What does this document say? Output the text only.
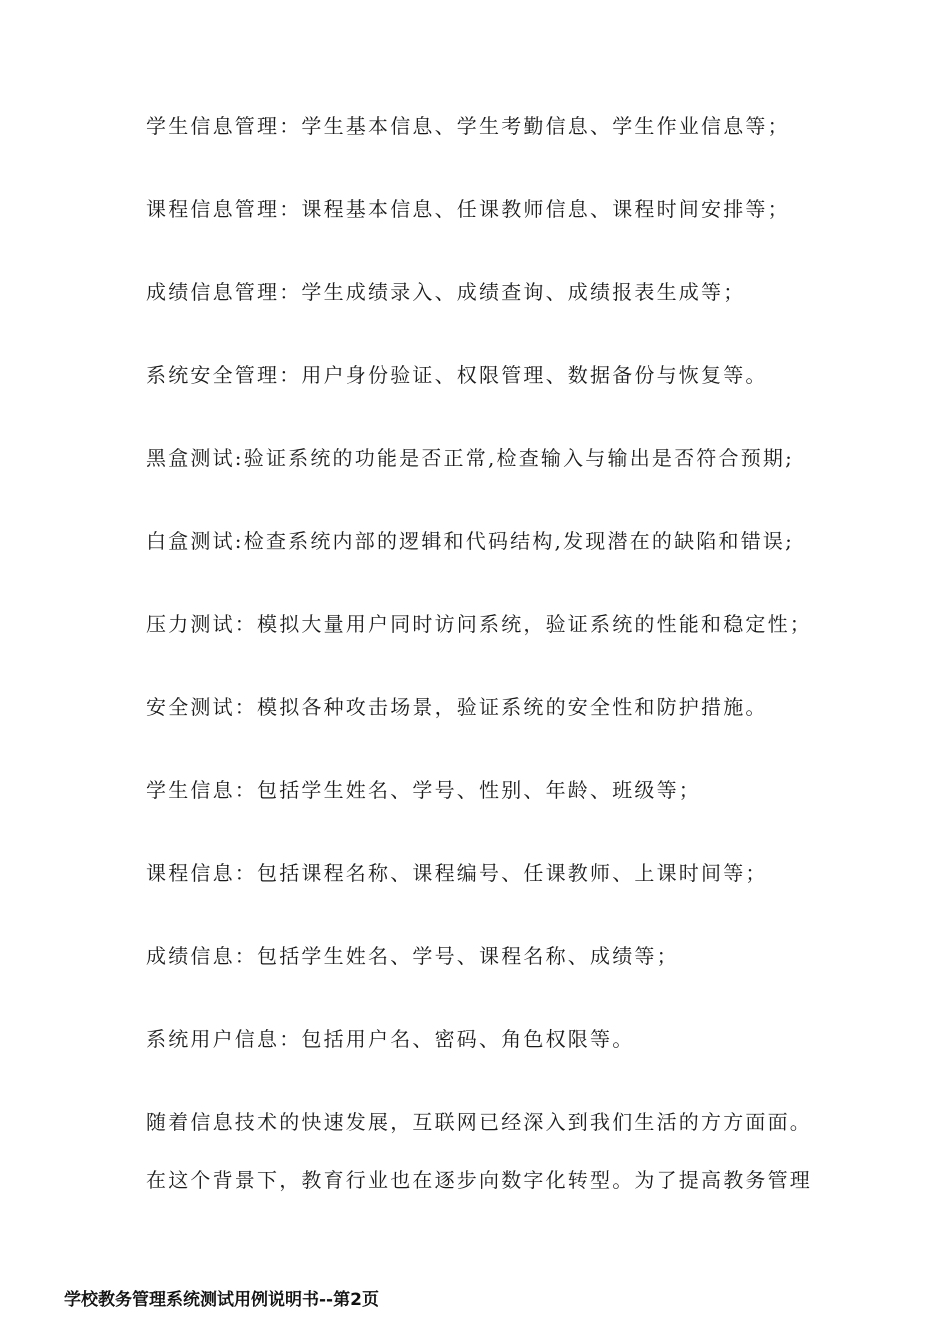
学生信息管理：学生基本信息、学生考勤信息、学生作业信息等；
课程信息管理：课程基本信息、任课教师信息、课程时间安排等；
成绩信息管理：学生成绩录入、成绩查询、成绩报表生成等；
系统安全管理：用户身份验证、权限管理、数据备份与恢复等。
黑盒测试:验证系统的功能是否正常,检查输入与输出是否符合预期;
白盒测试:检查系统内部的逻辑和代码结构,发现潜在的缺陷和错误;
压力测试：模拟大量用户同时访问系统，验证系统的性能和稳定性；
安全测试：模拟各种攻击场景，验证系统的安全性和防护措施。
学生信息：包括学生姓名、学号、性别、年龄、班级等；
课程信息：包括课程名称、课程编号、任课教师、上课时间等；
成绩信息：包括学生姓名、学号、课程名称、成绩等；
系统用户信息：包括用户名、密码、角色权限等。
随着信息技术的快速发展，互联网已经深入到我们生活的方方面面。
在这个背景下，教育行业也在逐步向数字化转型。为了提高教务管理
学校教务管理系统测试用例说明书--第2页
